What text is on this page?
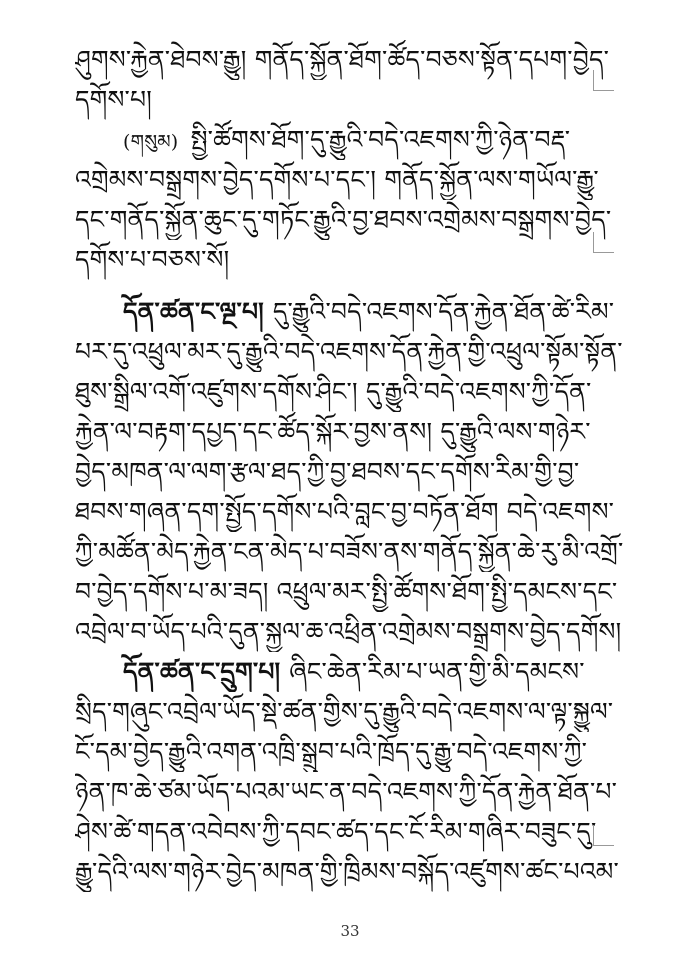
ཤུགས་རྐྱེན་ཐེབས་རྒྱུ། གནོད་སྐྱོན་ཐོག་ཚོད་བཅས་སྟོན་དཔག་བྱེད་
དགོས་པ།
(གསུམ) སྤྱི་ཚོགས་ཐོག་དུ་རྒྱུའི་བདེ་འཇགས་ཀྱི་ཉེན་བརྡ་
འགྲེམས་བསྒྲགས་བྱེད་དགོས་པ་དང་། གནོད་སྐྱོན་ལས་གཡོལ་རྒྱུ་
དང་གནོད་སྐྱོན་ཆུང་དུ་གཏོང་རྒྱུའི་བྱ་ཐབས་འགྲེམས་བསྒྲགས་བྱེད་
དགོས་པ་བཅས་སོ།
དོན་ཚན་ང་ལྔ་པ། དུ་རྒྱུའི་བདེ་འཇགས་དོན་རྐྱེན་ཐོན་ཚེ་རིམ་
པར་དུ་འཕྲུལ་མར་དུ་རྒྱུའི་བདེ་འཇགས་དོན་རྐྱེན་གྱི་འཕྲུལ་སྟོམ་སྟོན་
ཐུས་སྒྲིལ་འགོ་འཛུགས་དགོས་ཤིང་། དུ་རྒྱུའི་བདེ་འཇགས་ཀྱི་དོན་
རྐྱེན་ལ་བརྟག་དཔྱད་དང་ཚོད་སྐོར་བྱས་ནས། དུ་རྒྱུའི་ལས་གཉེར་
བྱེད་མཁན་ལ་ལག་རྩལ་ཐད་ཀྱི་བྱ་ཐབས་དང་དགོས་རིམ་གྱི་བྱ་
ཐབས་གཞན་དག་སྤྱོད་དགོས་པའི་བླང་བྱ་བཏོན་ཐོག བདེ་འཇགས་
ཀྱི་མཚོན་མེད་རྐྱེན་ངན་མེད་པ་བཟོས་ནས་གནོད་སྐྱོན་ཆེ་རུ་མི་འགྲོ་
བ་བྱེད་དགོས་པ་མ་ཟད། འཕྲུལ་མར་སྤྱི་ཚོགས་ཐོག་སྤྱི་དམངས་དང་
འབྲེལ་བ་ཡོད་པའི་དུན་སྐྱལ་ཆ་འཕྲིན་འགྲེམས་བསྒྲགས་བྱེད་དགོས།
དོན་ཚན་ང་དྲུག་པ། ཞིང་ཆེན་རིམ་པ་ཡན་གྱི་མི་དམངས་
སྲིད་གཞུང་འབྲེལ་ཡོད་སྡེ་ཚན་གྱིས་དུ་རྒྱུའི་བདེ་འཇགས་ལ་ལྟ་སྐྱུལ་
ངོ་དམ་བྱེད་རྒྱུའི་འགན་འཁྲི་སྒྲུབ་པའི་ཁྲོད་དུ་རྒྱུ་བདེ་འཇགས་ཀྱི་
ཉེན་ཁ་ཆེ་ཙམ་ཡོད་པའམ་ཡང་ན་བདེ་འཇགས་ཀྱི་དོན་རྐྱེན་ཐོན་པ་
ཤེས་ཚེ་གདན་འབེབས་ཀྱི་དབང་ཚད་དང་ངོ་རིམ་གཞིར་བཟུང་དུ་
རྒྱུ་དེའི་ལས་གཉེར་བྱེད་མཁན་གྱི་ཁྲིམས་བསྐོད་འཛུགས་ཚང་པའམ་
33
